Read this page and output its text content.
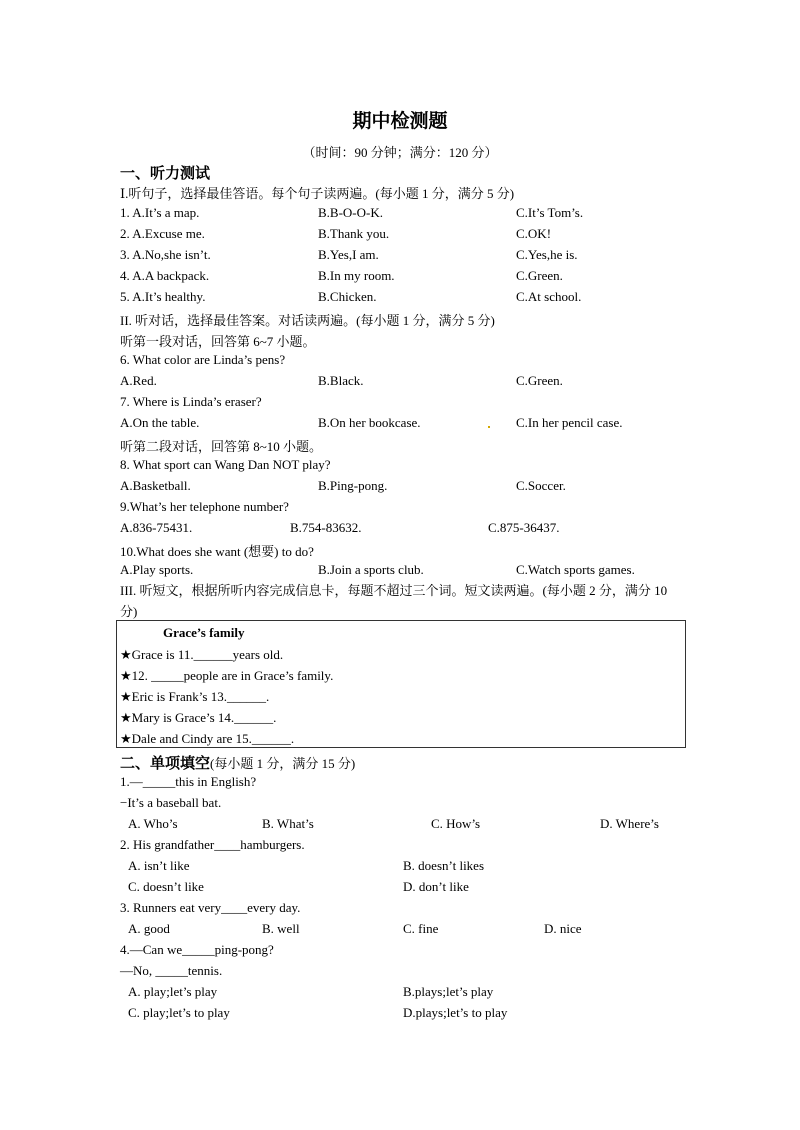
期中检测题
（时间：90 分钟；满分：120 分）
一、听力测试
Ⅰ.听句子，选择最佳答语。每个句子读两遍。(每小题 1 分，满分 5 分)
1. A.It’s a map.	B.B-O-O-K.	C.It’s Tom’s.
2. A.Excuse me.	B.Thank you.	C.OK!
3. A.No,she isn’t.	B.Yes,I am.	C.Yes,he is.
4. A.A backpack.	B.In my room.	C.Green.
5. A.It’s healthy.	B.Chicken.	C.At school.
II. 听对话，选择最佳答案。对话读两遍。(每小题 1 分，满分 5 分)
听第一段对话，回答第 6~7 小题。
6. What color are Linda’s pens?
A.Red.	B.Black.	C.Green.
7. Where is Linda’s eraser?
A.On the table.	B.On her bookcase.	C.In her pencil case.
听第二段对话，回答第 8~10 小题。
8. What sport can Wang Dan NOT play?
A.Basketball.	B.Ping-pong.	C.Soccer.
9.What’s her telephone number?
A.836-75431.	B.754-83632.	C.875-36437.
10.What does she want (想要) to do?
A.Play sports.	B.Join a sports club.	C.Watch sports games.
III. 听短文，根据所听内容完成信息卡，每题不超过三个词。短文读两遍。(每小题 2 分，满分 10 分)
Grace’s family
★Grace is 11.______years old.
★12. _____people are in Grace’s family.
★Eric is Frank’s 13.______.
★Mary is Grace’s 14.______.
★Dale and Cindy are 15.______.
二、单项填空(每小题 1 分，满分 15 分)
1.—_____this in English?
−It’s a baseball bat.
A. Who’s	B. What’s	C. How’s	D. Where’s
2. His grandfather____hamburgers.
A. isn’t like	B. doesn’t likes
C. doesn’t like	D. don’t like
3. Runners eat very____every day.
A. good	B. well	C. fine	D. nice
4.—Can we_____ping-pong?
—No, _____tennis.
A. play;let’s play	B.plays;let’s play
C. play;let’s to play	D.plays;let’s to play
